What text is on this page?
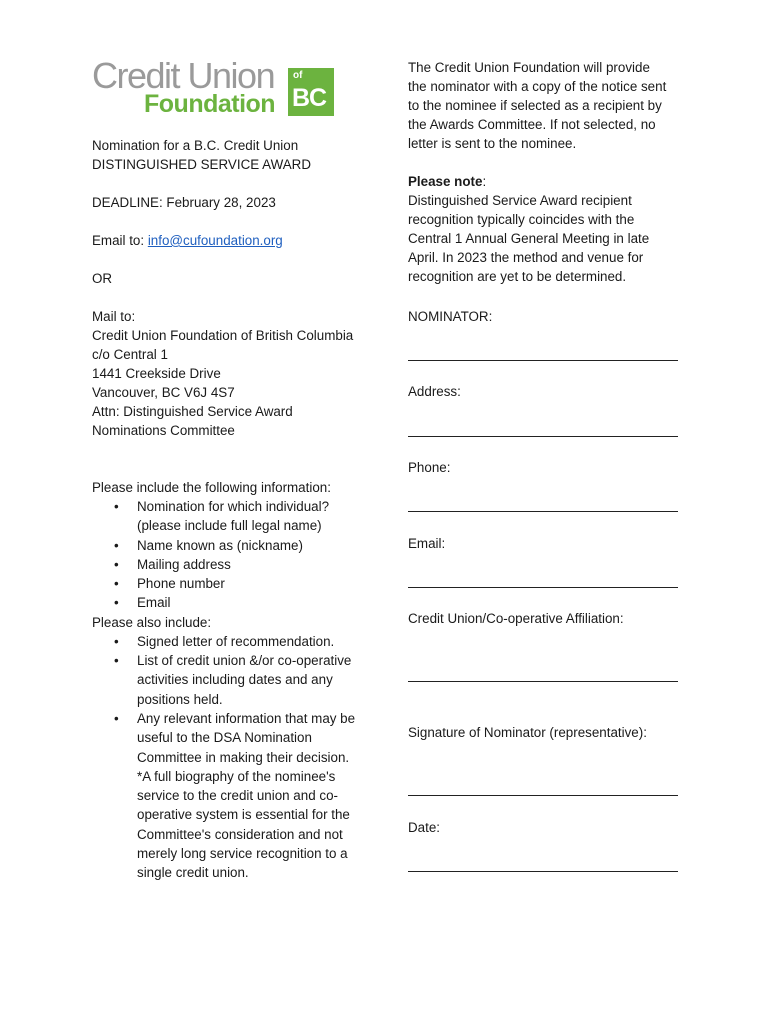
Credit Union
Foundation
of
BC
Nomination for a B.C. Credit Union
DISTINGUISHED SERVICE AWARD
DEADLINE: February 28, 2023
Email to: info@cufoundation.org
OR
Mail to:
Credit Union Foundation of British Columbia
c/o Central 1
1441 Creekside Drive
Vancouver, BC V6J 4S7
Attn: Distinguished Service Award
Nominations Committee
Please include the following information:
• Nomination for which individual? (please include full legal name)
• Name known as (nickname)
• Mailing address
• Phone number
• Email
Please also include:
• Signed letter of recommendation.
• List of credit union &/or co-operative activities including dates and any positions held.
• Any relevant information that may be useful to the DSA Nomination Committee in making their decision. *A full biography of the nominee's service to the credit union and co-operative system is essential for the Committee's consideration and not merely long service recognition to a single credit union.
The Credit Union Foundation will provide the nominator with a copy of the notice sent to the nominee if selected as a recipient by the Awards Committee. If not selected, no letter is sent to the nominee.
Please note:
Distinguished Service Award recipient recognition typically coincides with the Central 1 Annual General Meeting in late April. In 2023 the method and venue for recognition are yet to be determined.
NOMINATOR:
Address:
Phone:
Email:
Credit Union/Co-operative Affiliation:
Signature of Nominator (representative):
Date:
